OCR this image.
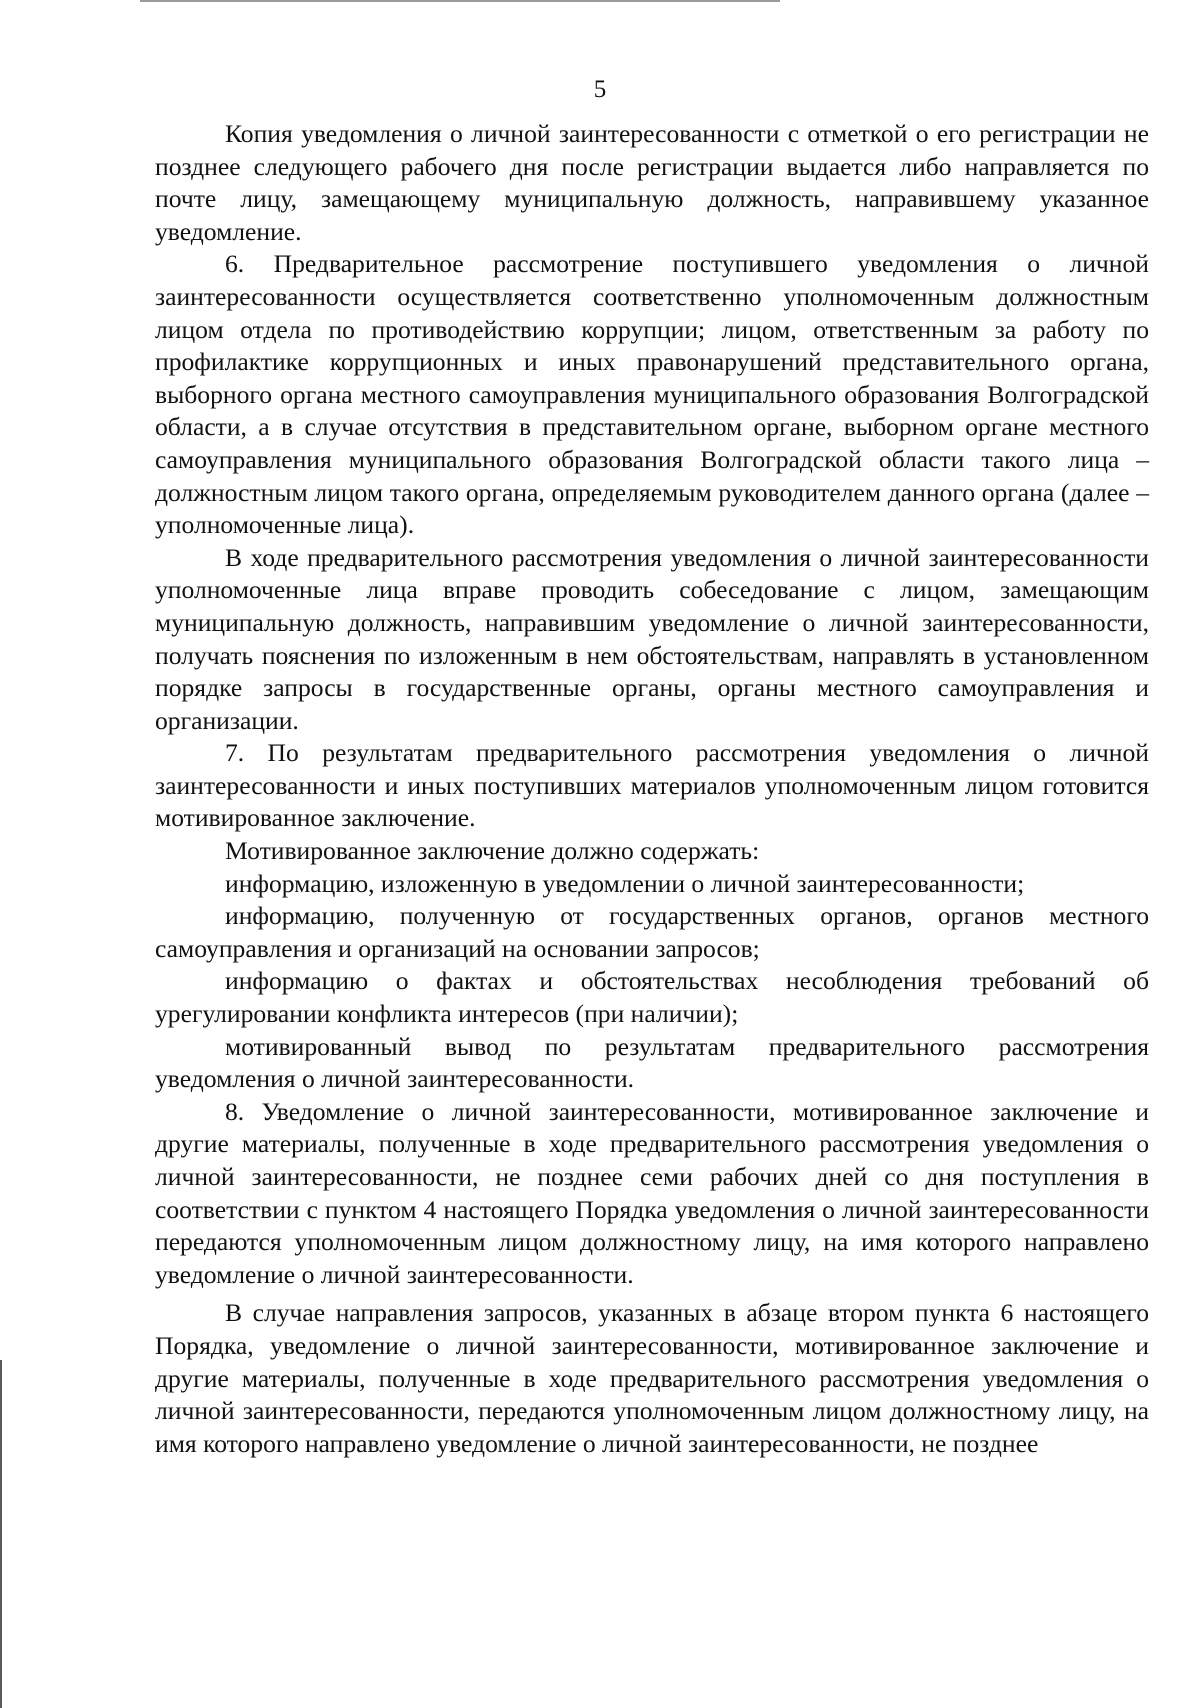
5

Копия уведомления о личной заинтересованности с отметкой о его регистрации не позднее следующего рабочего дня после регистрации выдается либо направляется по почте лицу, замещающему муниципальную должность, направившему указанное уведомление.

6. Предварительное рассмотрение поступившего уведомления о личной заинтересованности осуществляется соответственно уполномоченным должностным лицом отдела по противодействию коррупции; лицом, ответственным за работу по профилактике коррупционных и иных правонарушений представительного органа, выборного органа местного самоуправления муниципального образования Волгоградской области, а в случае отсутствия в представительном органе, выборном органе местного самоуправления муниципального образования Волгоградской области такого лица – должностным лицом такого органа, определяемым руководителем данного органа (далее – уполномоченные лица).

В ходе предварительного рассмотрения уведомления о личной заинтересованности уполномоченные лица вправе проводить собеседование с лицом, замещающим муниципальную должность, направившим уведомление о личной заинтересованности, получать пояснения по изложенным в нем обстоятельствам, направлять в установленном порядке запросы в государственные органы, органы местного самоуправления и организации.

7. По результатам предварительного рассмотрения уведомления о личной заинтересованности и иных поступивших материалов уполномоченным лицом готовится мотивированное заключение.

Мотивированное заключение должно содержать:

информацию, изложенную в уведомлении о личной заинтересованности;

информацию, полученную от государственных органов, органов местного самоуправления и организаций на основании запросов;

информацию о фактах и обстоятельствах несоблюдения требований об урегулировании конфликта интересов (при наличии);

мотивированный вывод по результатам предварительного рассмотрения уведомления о личной заинтересованности.

8. Уведомление о личной заинтересованности, мотивированное заключение и другие материалы, полученные в ходе предварительного рассмотрения уведомления о личной заинтересованности, не позднее семи рабочих дней со дня поступления в соответствии с пунктом 4 настоящего Порядка уведомления о личной заинтересованности передаются уполномоченным лицом должностному лицу, на имя которого направлено уведомление о личной заинтересованности.

В случае направления запросов, указанных в абзаце втором пункта 6 настоящего Порядка, уведомление о личной заинтересованности, мотивированное заключение и другие материалы, полученные в ходе предварительного рассмотрения уведомления о личной заинтересованности, передаются уполномоченным лицом должностному лицу, на имя которого направлено уведомление о личной заинтересованности, не позднее
